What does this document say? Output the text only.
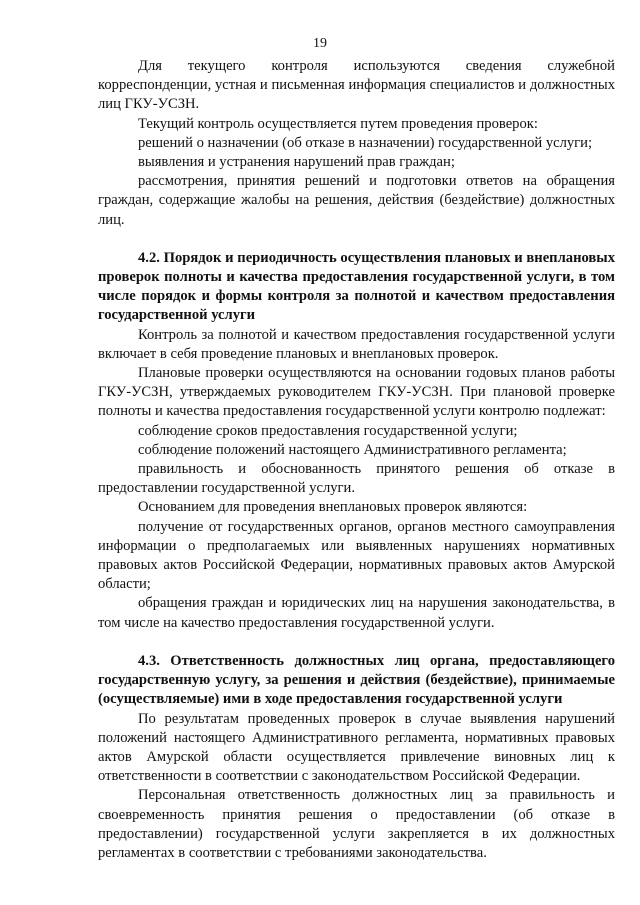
19

Для текущего контроля используются сведения служебной корреспонденции, устная и письменная информация специалистов и должностных лиц ГКУ-УСЗН.

Текущий контроль осуществляется путем проведения проверок:

решений о назначении (об отказе в назначении) государственной услуги;

выявления и устранения нарушений прав граждан;

рассмотрения, принятия решений и подготовки ответов на обращения граждан, содержащие жалобы на решения, действия (бездействие) должностных лиц.

4.2. Порядок и периодичность осуществления плановых и внеплановых проверок полноты и качества предоставления государственной услуги, в том числе порядок и формы контроля за полнотой и качеством предоставления государственной услуги

Контроль за полнотой и качеством предоставления государственной услуги включает в себя проведение плановых и внеплановых проверок.

Плановые проверки осуществляются на основании годовых планов работы ГКУ-УСЗН, утверждаемых руководителем ГКУ-УСЗН. При плановой проверке полноты и качества предоставления государственной услуги контролю подлежат:

соблюдение сроков предоставления государственной услуги;

соблюдение положений настоящего Административного регламента;

правильность и обоснованность принятого решения об отказе в предоставлении государственной услуги.

Основанием для проведения внеплановых проверок являются:

получение от государственных органов, органов местного самоуправления информации о предполагаемых или выявленных нарушениях нормативных правовых актов Российской Федерации, нормативных правовых актов Амурской области;

обращения граждан и юридических лиц на нарушения законодательства, в том числе на качество предоставления государственной услуги.

4.3. Ответственность должностных лиц органа, предоставляющего государственную услугу, за решения и действия (бездействие), принимаемые (осуществляемые) ими в ходе предоставления государственной услуги

По результатам проведенных проверок в случае выявления нарушений положений настоящего Административного регламента, нормативных правовых актов Амурской области осуществляется привлечение виновных лиц к ответственности в соответствии с законодательством Российской Федерации.

Персональная ответственность должностных лиц за правильность и своевременность принятия решения о предоставлении (об отказе в предоставлении) государственной услуги закрепляется в их должностных регламентах в соответствии с требованиями законодательства.
